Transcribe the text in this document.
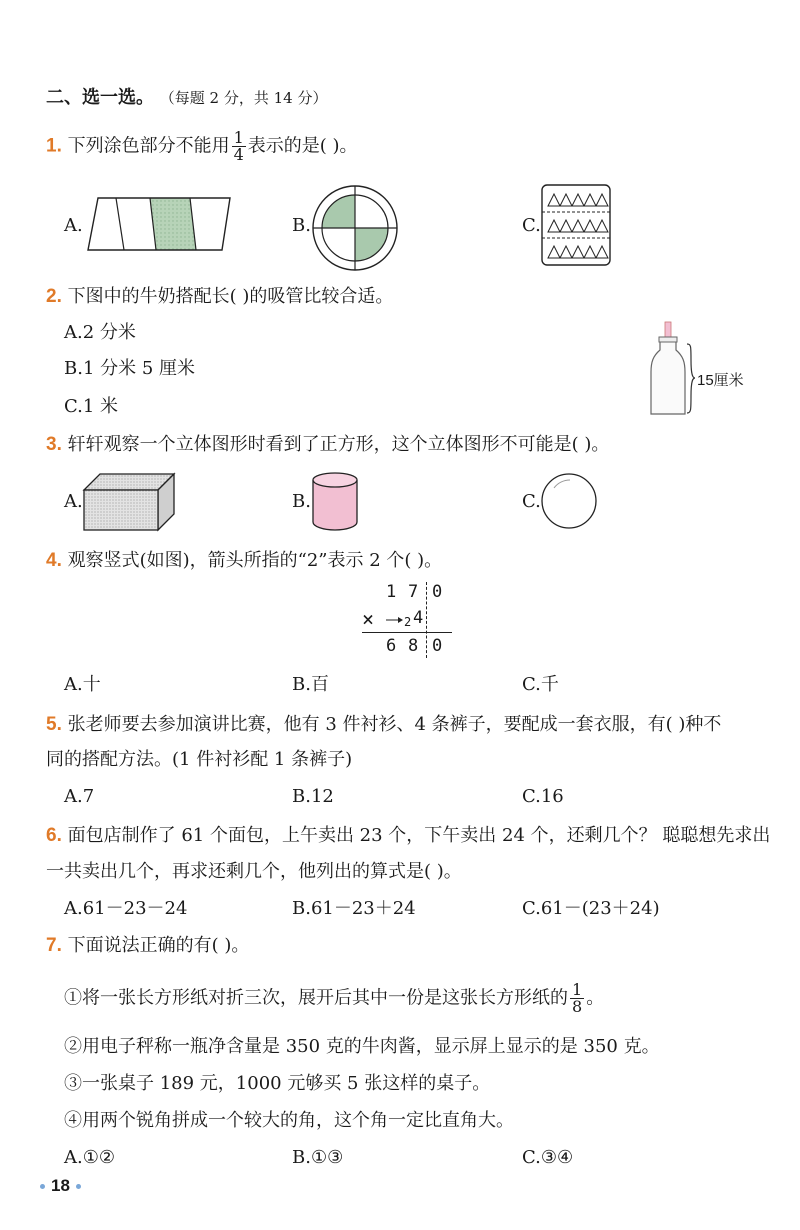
二、选一选。 （每题 2 分，共 14 分）
1. 下列涂色部分不能用 $\frac{1}{4}$ 表示的是( )。
A.	B.	C.
2. 下图中的牛奶搭配长( )的吸管比较合适。
A.2 分米
B.1 分米 5 厘米
C.1 米
15厘米
3. 轩轩观察一个立体图形时看到了正方形，这个立体图形不可能是( )。
A.	B.	C.
4. 观察竖式(如图)，箭头所指的“2”表示 2 个( )。
1 7 0
× 2 4
6 8 0
A.十	B.百	C.千
5. 张老师要去参加演讲比赛，他有 3 件衬衫、4 条裤子，要配成一套衣服，有( )种不
同的搭配方法。(1 件衬衫配 1 条裤子)
A.7	B.12	C.16
6. 面包店制作了 61 个面包，上午卖出 23 个，下午卖出 24 个，还剩几个？ 聪聪想先求出
一共卖出几个，再求还剩几个，他列出的算式是( )。
A.61－23－24	B.61－23＋24	C.61－(23＋24)
7. 下面说法正确的有( )。
①将一张长方形纸对折三次，展开后其中一份是这张长方形纸的 $\frac{1}{8}$ 。
②用电子秤称一瓶净含量是 350 克的牛肉酱，显示屏上显示的是 350 克。
③一张桌子 189 元，1000 元够买 5 张这样的桌子。
④用两个锐角拼成一个较大的角，这个角一定比直角大。
A.①②	B.①③	C.③④
18
